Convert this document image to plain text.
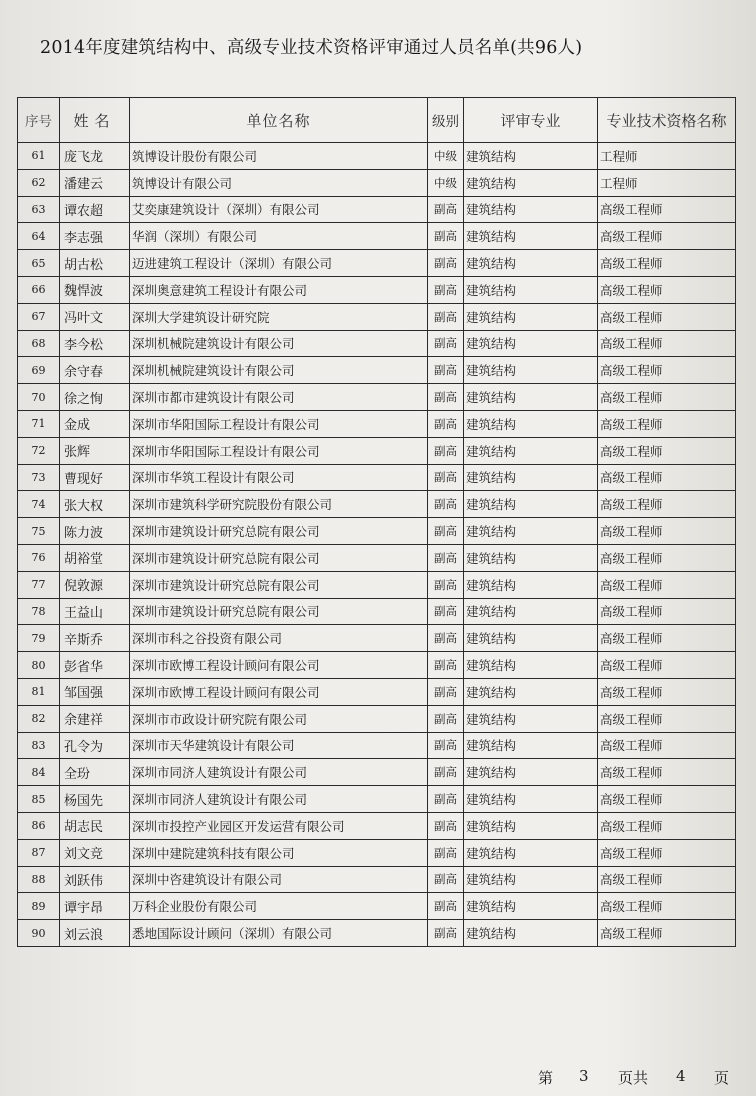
2014年度建筑结构中、高级专业技术资格评审通过人员名单(共96人)
序号	姓名	单位名称	级别	评审专业	专业技术资格名称
61	庞飞龙	筑博设计股份有限公司	中级	建筑结构	工程师
62	潘建云	筑博设计有限公司	中级	建筑结构	工程师
63	谭农超	艾奕康建筑设计（深圳）有限公司	副高	建筑结构	高级工程师
64	李志强	华润（深圳）有限公司	副高	建筑结构	高级工程师
65	胡古松	迈进建筑工程设计（深圳）有限公司	副高	建筑结构	高级工程师
66	魏悍波	深圳奥意建筑工程设计有限公司	副高	建筑结构	高级工程师
67	冯叶文	深圳大学建筑设计研究院	副高	建筑结构	高级工程师
68	李今松	深圳机械院建筑设计有限公司	副高	建筑结构	高级工程师
69	余守春	深圳机械院建筑设计有限公司	副高	建筑结构	高级工程师
70	徐之恂	深圳市都市建筑设计有限公司	副高	建筑结构	高级工程师
71	金成	深圳市华阳国际工程设计有限公司	副高	建筑结构	高级工程师
72	张辉	深圳市华阳国际工程设计有限公司	副高	建筑结构	高级工程师
73	曹现好	深圳市华筑工程设计有限公司	副高	建筑结构	高级工程师
74	张大权	深圳市建筑科学研究院股份有限公司	副高	建筑结构	高级工程师
75	陈力波	深圳市建筑设计研究总院有限公司	副高	建筑结构	高级工程师
76	胡裕堂	深圳市建筑设计研究总院有限公司	副高	建筑结构	高级工程师
77	倪敦源	深圳市建筑设计研究总院有限公司	副高	建筑结构	高级工程师
78	王益山	深圳市建筑设计研究总院有限公司	副高	建筑结构	高级工程师
79	辛斯乔	深圳市科之谷投资有限公司	副高	建筑结构	高级工程师
80	彭省华	深圳市欧博工程设计顾问有限公司	副高	建筑结构	高级工程师
81	邹国强	深圳市欧博工程设计顾问有限公司	副高	建筑结构	高级工程师
82	余建祥	深圳市市政设计研究院有限公司	副高	建筑结构	高级工程师
83	孔令为	深圳市天华建筑设计有限公司	副高	建筑结构	高级工程师
84	全玢	深圳市同济人建筑设计有限公司	副高	建筑结构	高级工程师
85	杨国先	深圳市同济人建筑设计有限公司	副高	建筑结构	高级工程师
86	胡志民	深圳市投控产业园区开发运营有限公司	副高	建筑结构	高级工程师
87	刘文竞	深圳中建院建筑科技有限公司	副高	建筑结构	高级工程师
88	刘跃伟	深圳中咨建筑设计有限公司	副高	建筑结构	高级工程师
89	谭宇昂	万科企业股份有限公司	副高	建筑结构	高级工程师
90	刘云浪	悉地国际设计顾问（深圳）有限公司	副高	建筑结构	高级工程师
第 3 页共 4 页
